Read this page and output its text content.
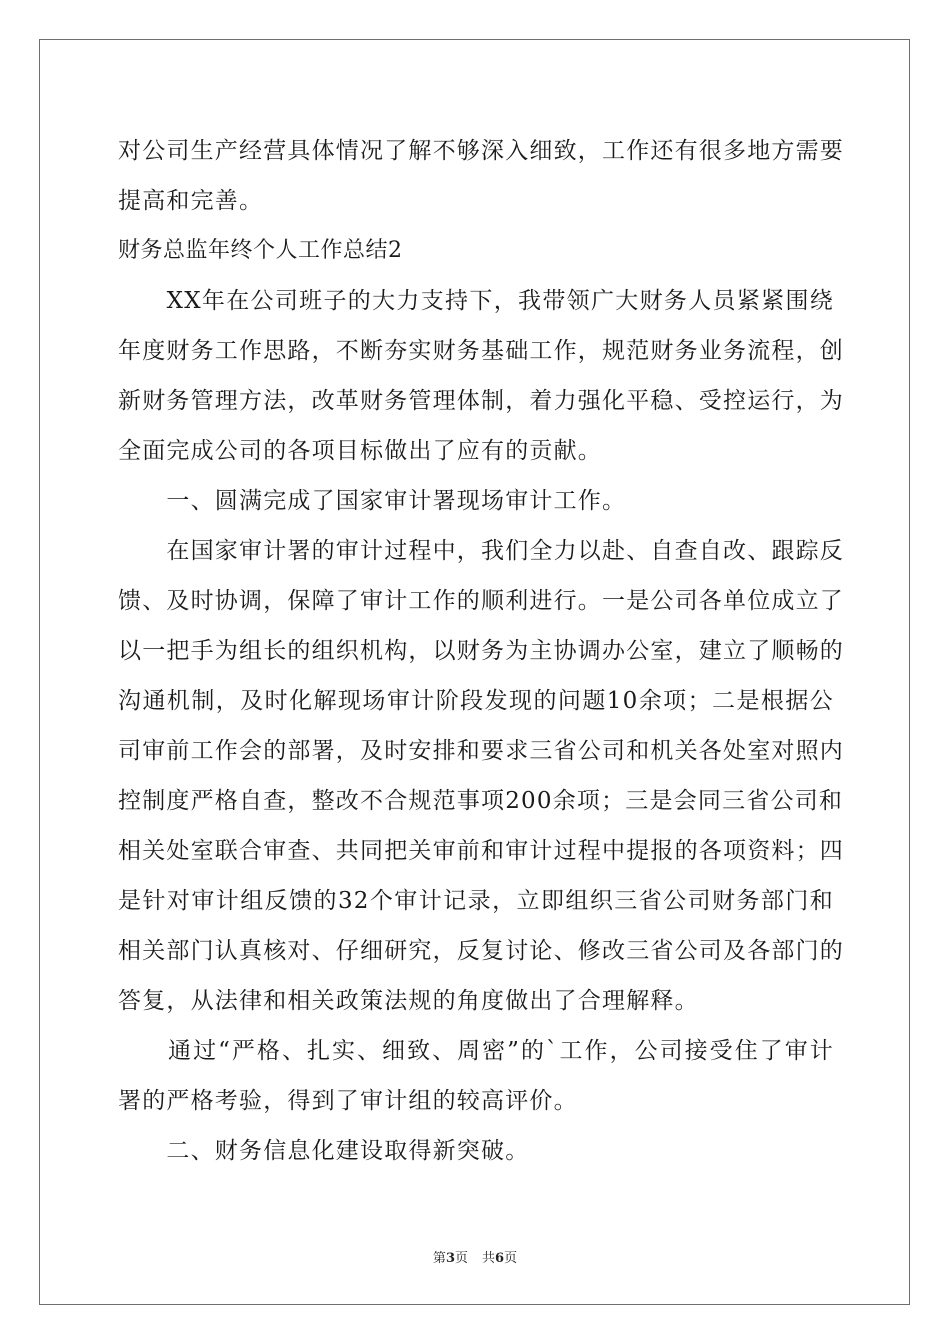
对公司生产经营具体情况了解不够深入细致，工作还有很多地方需要
提高和完善。
财务总监年终个人工作总结2
　　XX年在公司班子的大力支持下，我带领广大财务人员紧紧围绕
年度财务工作思路，不断夯实财务基础工作，规范财务业务流程，创
新财务管理方法，改革财务管理体制，着力强化平稳、受控运行，为
全面完成公司的各项目标做出了应有的贡献。
　　一、圆满完成了国家审计署现场审计工作。
　　在国家审计署的审计过程中，我们全力以赴、自查自改、跟踪反
馈、及时协调，保障了审计工作的顺利进行。一是公司各单位成立了
以一把手为组长的组织机构，以财务为主协调办公室，建立了顺畅的
沟通机制，及时化解现场审计阶段发现的问题10余项；二是根据公
司审前工作会的部署，及时安排和要求三省公司和机关各处室对照内
控制度严格自查，整改不合规范事项200余项；三是会同三省公司和
相关处室联合审查、共同把关审前和审计过程中提报的各项资料；四
是针对审计组反馈的32个审计记录，立即组织三省公司财务部门和
相关部门认真核对、仔细研究，反复讨论、修改三省公司及各部门的
答复，从法律和相关政策法规的角度做出了合理解释。
　　通过“严格、扎实、细致、周密”的`工作，公司接受住了审计
署的严格考验，得到了审计组的较高评价。
　　二、财务信息化建设取得新突破。
第3页 共6页
